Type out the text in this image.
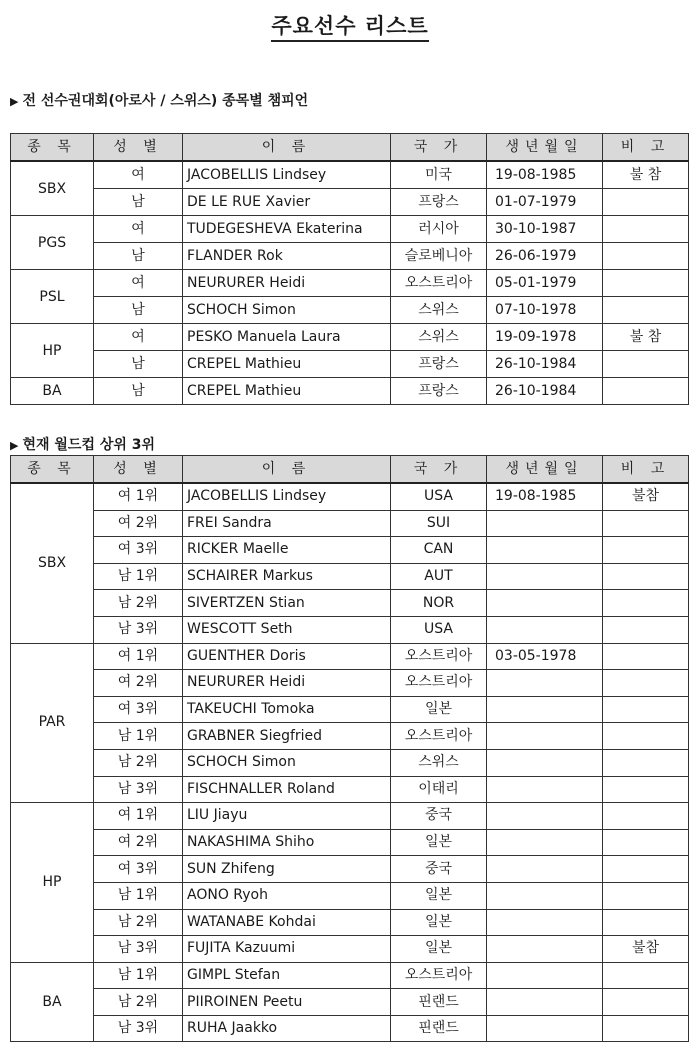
주요선수 리스트
▶ 전 선수권대회(아로사 / 스위스) 종목별 챔피언
종 목	성 별	이 름	국 가	생년월일	비 고
SBX	여	JACOBELLIS Lindsey	미국	19-08-1985	불 참
	남	DE LE RUE Xavier	프랑스	01-07-1979	
PGS	여	TUDEGESHEVA Ekaterina	러시아	30-10-1987	
	남	FLANDER Rok	슬로베니아	26-06-1979	
PSL	여	NEURURER Heidi	오스트리아	05-01-1979	
	남	SCHOCH Simon	스위스	07-10-1978	
HP	여	PESKO Manuela Laura	스위스	19-09-1978	불 참
	남	CREPEL Mathieu	프랑스	26-10-1984	
BA	남	CREPEL Mathieu	프랑스	26-10-1984	
▶ 현재 월드컵 상위 3위
종 목	성 별	이 름	국 가	생년월일	비 고
SBX	여 1위	JACOBELLIS Lindsey	USA	19-08-1985	불참
	여 2위	FREI Sandra	SUI		
	여 3위	RICKER Maelle	CAN		
	남 1위	SCHAIRER Markus	AUT		
	남 2위	SIVERTZEN Stian	NOR		
	남 3위	WESCOTT Seth	USA		
PAR	여 1위	GUENTHER Doris	오스트리아	03-05-1978	
	여 2위	NEURURER Heidi	오스트리아		
	여 3위	TAKEUCHI Tomoka	일본		
	남 1위	GRABNER Siegfried	오스트리아		
	남 2위	SCHOCH Simon	스위스		
	남 3위	FISCHNALLER Roland	이태리		
HP	여 1위	LIU Jiayu	중국		
	여 2위	NAKASHIMA Shiho	일본		
	여 3위	SUN Zhifeng	중국		
	남 1위	AONO Ryoh	일본		
	남 2위	WATANABE Kohdai	일본		
	남 3위	FUJITA Kazuumi	일본		불참
BA	남 1위	GIMPL Stefan	오스트리아		
	남 2위	PIIROINEN Peetu	핀랜드		
	남 3위	RUHA Jaakko	핀랜드		
